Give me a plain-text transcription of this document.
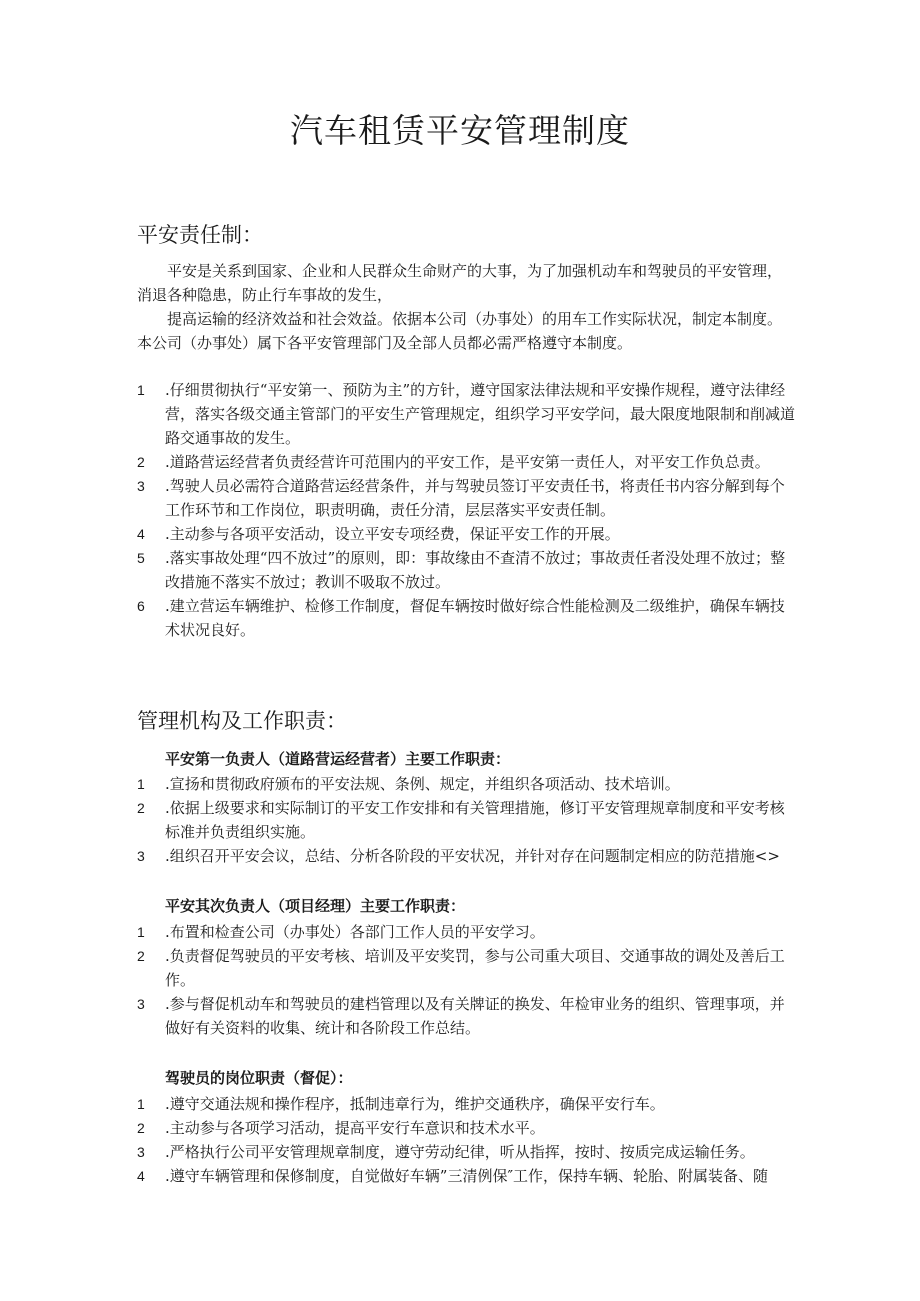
汽车租赁平安管理制度
平安责任制：

　　平安是关系到国家、企业和人民群众生命财产的大事，为了加强机动车和驾驶员的平安管理，消退各种隐患，防止行车事故的发生，

　　提高运输的经济效益和社会效益。依据本公司（办事处）的用车工作实际状况，制定本制度。本公司（办事处）属下各平安管理部门及全部人员都必需严格遵守本制度。

1 .仔细贯彻执行“平安第一、预防为主”的方针，遵守国家法律法规和平安操作规程，遵守法律经营，落实各级交通主管部门的平安生产管理规定，组织学习平安学问，最大限度地限制和削减道路交通事故的发生。
2 .道路营运经营者负责经营许可范围内的平安工作，是平安第一责任人，对平安工作负总责。
3 .驾驶人员必需符合道路营运经营条件，并与驾驶员签订平安责任书，将责任书内容分解到每个工作环节和工作岗位，职责明确，责任分清，层层落实平安责任制。
4 .主动参与各项平安活动，设立平安专项经费，保证平安工作的开展。
5 .落实事故处理“四不放过”的原则，即：事故缘由不查清不放过；事故责任者没处理不放过；整改措施不落实不放过；教训不吸取不放过。
6 .建立营运车辆维护、检修工作制度，督促车辆按时做好综合性能检测及二级维护，确保车辆技术状况良好。
管理机构及工作职责：

平安第一负责人（道路营运经营者）主要工作职责：

1 .宣扬和贯彻政府颁布的平安法规、条例、规定，并组织各项活动、技术培训。
2 .依据上级要求和实际制订的平安工作安排和有关管理措施，修订平安管理规章制度和平安考核标准并负责组织实施。
3 .组织召开平安会议，总结、分析各阶段的平安状况，并针对存在问题制定相应的防范措施<>

平安其次负责人（项目经理）主要工作职责：

1 .布置和检查公司（办事处）各部门工作人员的平安学习。
2 .负责督促驾驶员的平安考核、培训及平安奖罚，参与公司重大项目、交通事故的调处及善后工作。
3 .参与督促机动车和驾驶员的建档管理以及有关牌证的换发、年检审业务的组织、管理事项，并做好有关资料的收集、统计和各阶段工作总结。

驾驶员的岗位职责（督促）：

1 .遵守交通法规和操作程序，抵制违章行为，维护交通秩序，确保平安行车。
2 .主动参与各项学习活动，提高平安行车意识和技术水平。
3 .严格执行公司平安管理规章制度，遵守劳动纪律，听从指挥，按时、按质完成运输任务。
4 .遵守车辆管理和保修制度，自觉做好车辆”三清例保″工作，保持车辆、轮胎、附属装备、随
